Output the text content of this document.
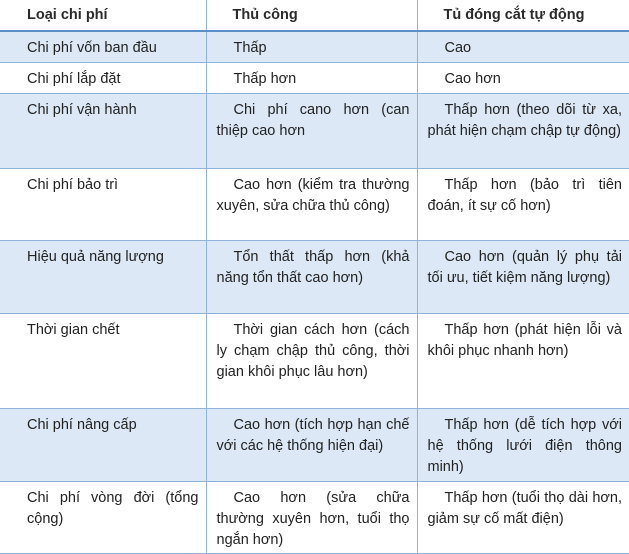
Loại chi phí	Thủ công	Tủ đóng cắt tự động
Chi phí vốn ban đầu	Thấp	Cao
Chi phí lắp đặt	Thấp hơn	Cao hơn
Chi phí vận hành	Chi phí cano hơn (can thiệp cao hơn	Thấp hơn (theo dõi từ xa, phát hiện chạm chập tự động)
Chi phí bảo trì	Cao hơn (kiểm tra thường xuyên, sửa chữa thủ công)	Thấp hơn (bảo trì tiên đoán, ít sự cố hơn)
Hiệu quả năng lượng	Tổn thất thấp hơn (khả năng tổn thất cao hơn)	Cao hơn (quản lý phụ tải tối ưu, tiết kiệm năng lượng)
Thời gian chết	Thời gian cách hơn (cách ly chạm chập thủ công, thời gian khôi phục lâu hơn)	Thấp hơn (phát hiện lỗi và khôi phục nhanh hơn)
Chi phí nâng cấp	Cao hơn (tích hợp hạn chế với các hệ thống hiện đại)	Thấp hơn (dễ tích hợp với hệ thống lưới điện thông minh)
Chi phí vòng đời (tổng cộng)	Cao hơn (sửa chữa thường xuyên hơn, tuổi thọ ngắn hơn)	Thấp hơn (tuổi thọ dài hơn, giảm sự cố mất điện)
